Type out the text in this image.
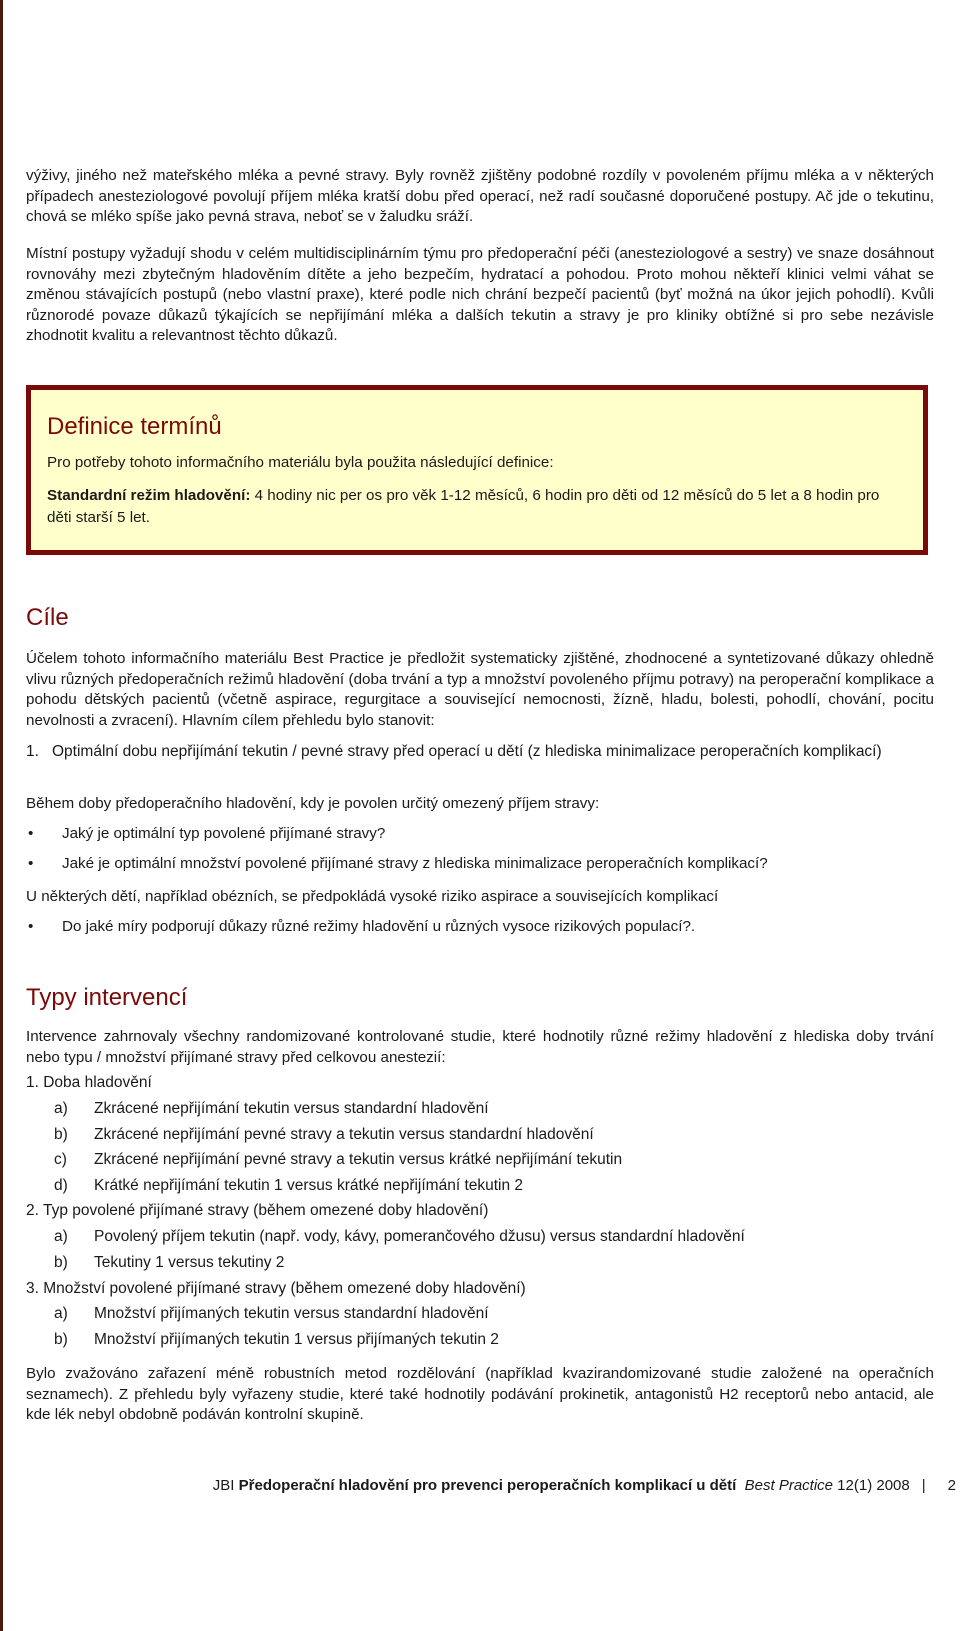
výživy, jiného než mateřského mléka a pevné stravy. Byly rovněž zjištěny podobné rozdíly v povoleném příjmu mléka a v některých případech anesteziologové povolují příjem mléka kratší dobu před operací, než radí současné doporučené postupy. Ač jde o tekutinu, chová se mléko spíše jako pevná strava, neboť se v žaludku sráží.

Místní postupy vyžadují shodu v celém multidisciplinárním týmu pro předoperační péči (anesteziologové a sestry) ve snaze dosáhnout rovnováhy mezi zbytečným hladověním dítěte a jeho bezpečím, hydratací a pohodou. Proto mohou někteří klinici velmi váhat se změnou stávajících postupů (nebo vlastní praxe), které podle nich chrání bezpečí pacientů (byť možná na úkor jejich pohodlí). Kvůli různorodé povaze důkazů týkajících se nepřijímání mléka a dalších tekutin a stravy je pro kliniky obtížné si pro sebe nezávisle zhodnotit kvalitu a relevantnost těchto důkazů.

Definice termínů
Pro potřeby tohoto informačního materiálu byla použita následující definice:
Standardní režim hladovění: 4 hodiny nic per os pro věk 1-12 měsíců, 6 hodin pro děti od 12 měsíců do 5 let a 8 hodin pro děti starší 5 let.
Cíle

Účelem tohoto informačního materiálu Best Practice je předložit systematicky zjištěné, zhodnocené a syntetizované důkazy ohledně vlivu různých předoperačních režimů hladovění (doba trvání a typ a množství povoleného příjmu potravy) na peroperační komplikace a pohodu dětských pacientů (včetně aspirace, regurgitace a související nemocnosti, žízně, hladu, bolesti, pohodlí, chování, pocitu nevolnosti a zvracení). Hlavním cílem přehledu bylo stanovit:

1. Optimální dobu nepřijímání tekutin / pevné stravy před operací u dětí (z hlediska minimalizace peroperačních komplikací)
Během doby předoperačního hladovění, kdy je povolen určitý omezený příjem stravy:
• Jaký je optimální typ povolené přijímané stravy?
• Jaké je optimální množství povolené přijímané stravy z hlediska minimalizace peroperačních komplikací?
U některých dětí, například obézních, se předpokládá vysoké riziko aspirace a souvisejících komplikací
• Do jaké míry podporují důkazy různé režimy hladovění u různých vysoce rizikových populací?.
Typy intervencí

Intervence zahrnovaly všechny randomizované kontrolované studie, které hodnotily různé režimy hladovění z hlediska doby trvání nebo typu / množství přijímané stravy před celkovou anestezií:

1. Doba hladovění
a) Zkrácené nepřijímání tekutin versus standardní hladovění
b) Zkrácené nepřijímání pevné stravy a tekutin versus standardní hladovění
c) Zkrácené nepřijímání pevné stravy a tekutin versus krátké nepřijímání tekutin
d) Krátké nepřijímání tekutin 1 versus krátké nepřijímání tekutin 2
2. Typ povolené přijímané stravy (během omezené doby hladovění)
a) Povolený příjem tekutin (např. vody, kávy, pomerančového džusu) versus standardní hladovění
b) Tekutiny 1 versus tekutiny 2
3. Množství povolené přijímané stravy (během omezené doby hladovění)
a) Množství přijímaných tekutin versus standardní hladovění
b) Množství přijímaných tekutin 1 versus přijímaných tekutin 2

Bylo zvažováno zařazení méně robustních metod rozdělování (například kvazirandomizované studie založené na operačních seznamech). Z přehledu byly vyřazeny studie, které také hodnotily podávání prokinetik, antagonistů H2 receptorů nebo antacid, ale kde lék nebyl obdobně podáván kontrolní skupině.

JBI Předoperační hladovění pro prevenci peroperačních komplikací u dětí Best Practice 12(1) 2008 | 2
